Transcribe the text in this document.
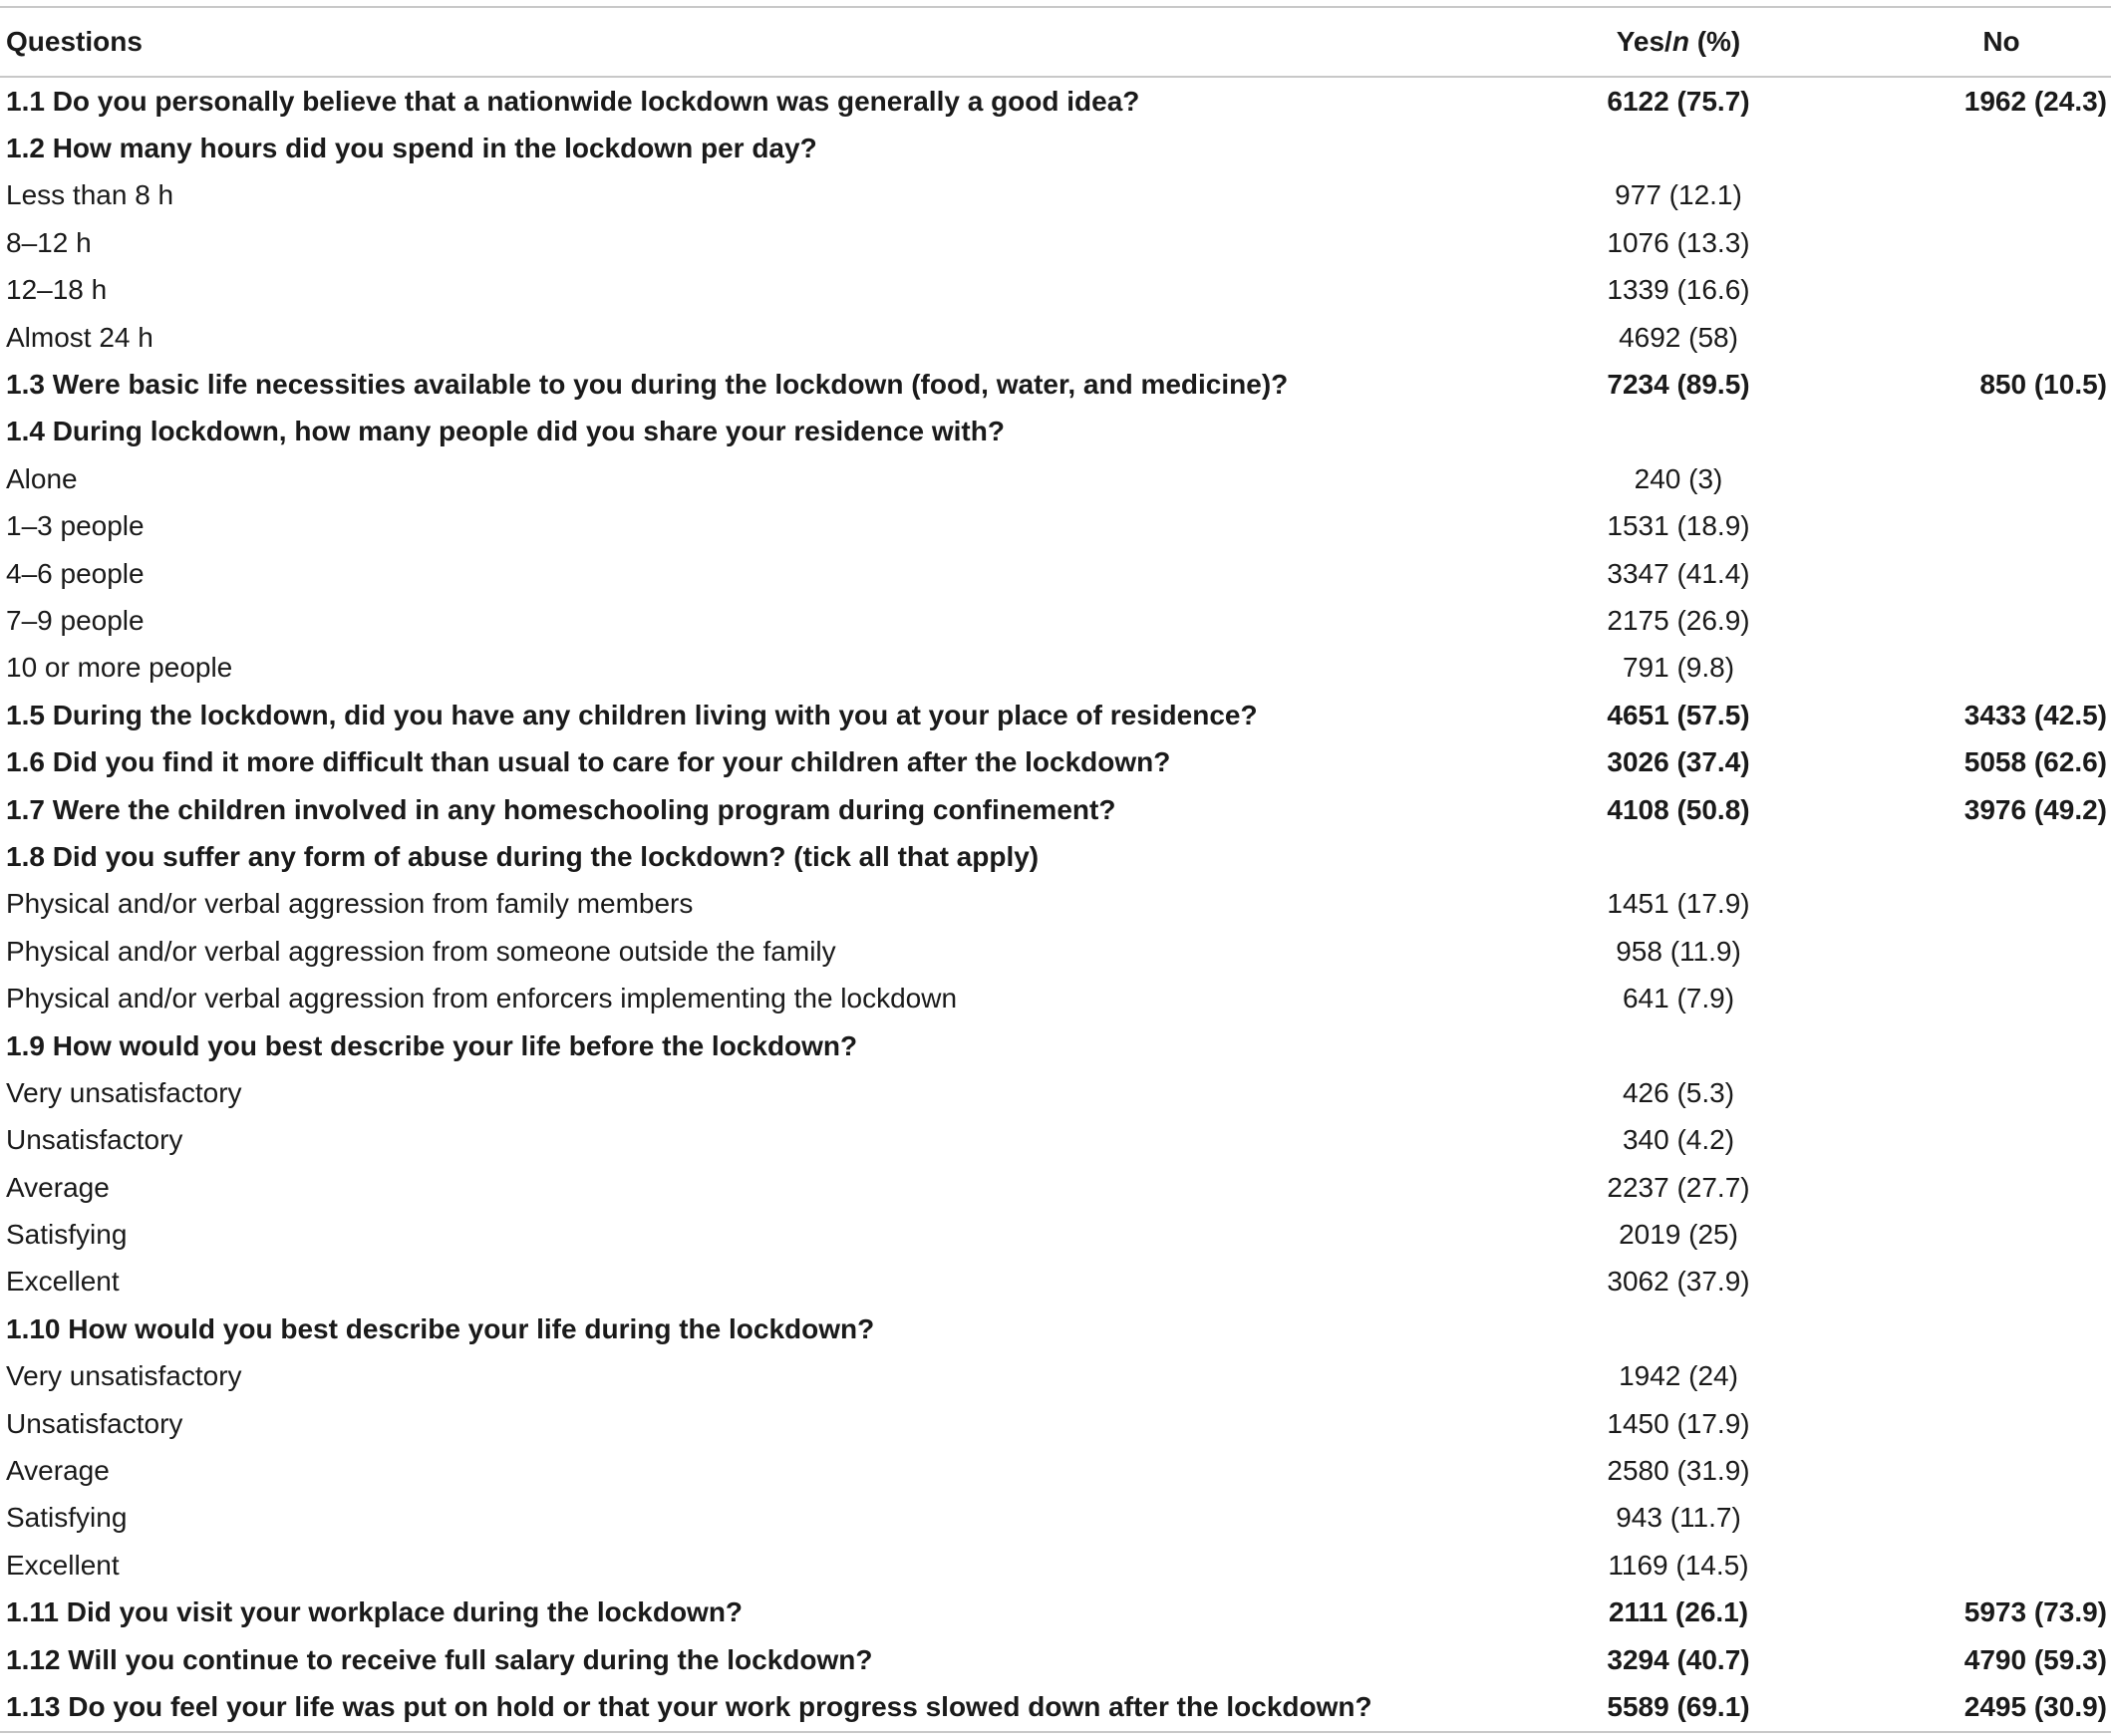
Questions	Yes/n (%)	No
1.1 Do you personally believe that a nationwide lockdown was generally a good idea?	6122 (75.7)	1962 (24.3)
1.2 How many hours did you spend in the lockdown per day?
Less than 8 h	977 (12.1)
8–12 h	1076 (13.3)
12–18 h	1339 (16.6)
Almost 24 h	4692 (58)
1.3 Were basic life necessities available to you during the lockdown (food, water, and medicine)?	7234 (89.5)	850 (10.5)
1.4 During lockdown, how many people did you share your residence with?
Alone	240 (3)
1–3 people	1531 (18.9)
4–6 people	3347 (41.4)
7–9 people	2175 (26.9)
10 or more people	791 (9.8)
1.5 During the lockdown, did you have any children living with you at your place of residence?	4651 (57.5)	3433 (42.5)
1.6 Did you find it more difficult than usual to care for your children after the lockdown?	3026 (37.4)	5058 (62.6)
1.7 Were the children involved in any homeschooling program during confinement?	4108 (50.8)	3976 (49.2)
1.8 Did you suffer any form of abuse during the lockdown? (tick all that apply)
Physical and/or verbal aggression from family members	1451 (17.9)
Physical and/or verbal aggression from someone outside the family	958 (11.9)
Physical and/or verbal aggression from enforcers implementing the lockdown	641 (7.9)
1.9 How would you best describe your life before the lockdown?
Very unsatisfactory	426 (5.3)
Unsatisfactory	340 (4.2)
Average	2237 (27.7)
Satisfying	2019 (25)
Excellent	3062 (37.9)
1.10 How would you best describe your life during the lockdown?
Very unsatisfactory	1942 (24)
Unsatisfactory	1450 (17.9)
Average	2580 (31.9)
Satisfying	943 (11.7)
Excellent	1169 (14.5)
1.11 Did you visit your workplace during the lockdown?	2111 (26.1)	5973 (73.9)
1.12 Will you continue to receive full salary during the lockdown?	3294 (40.7)	4790 (59.3)
1.13 Do you feel your life was put on hold or that your work progress slowed down after the lockdown?	5589 (69.1)	2495 (30.9)
